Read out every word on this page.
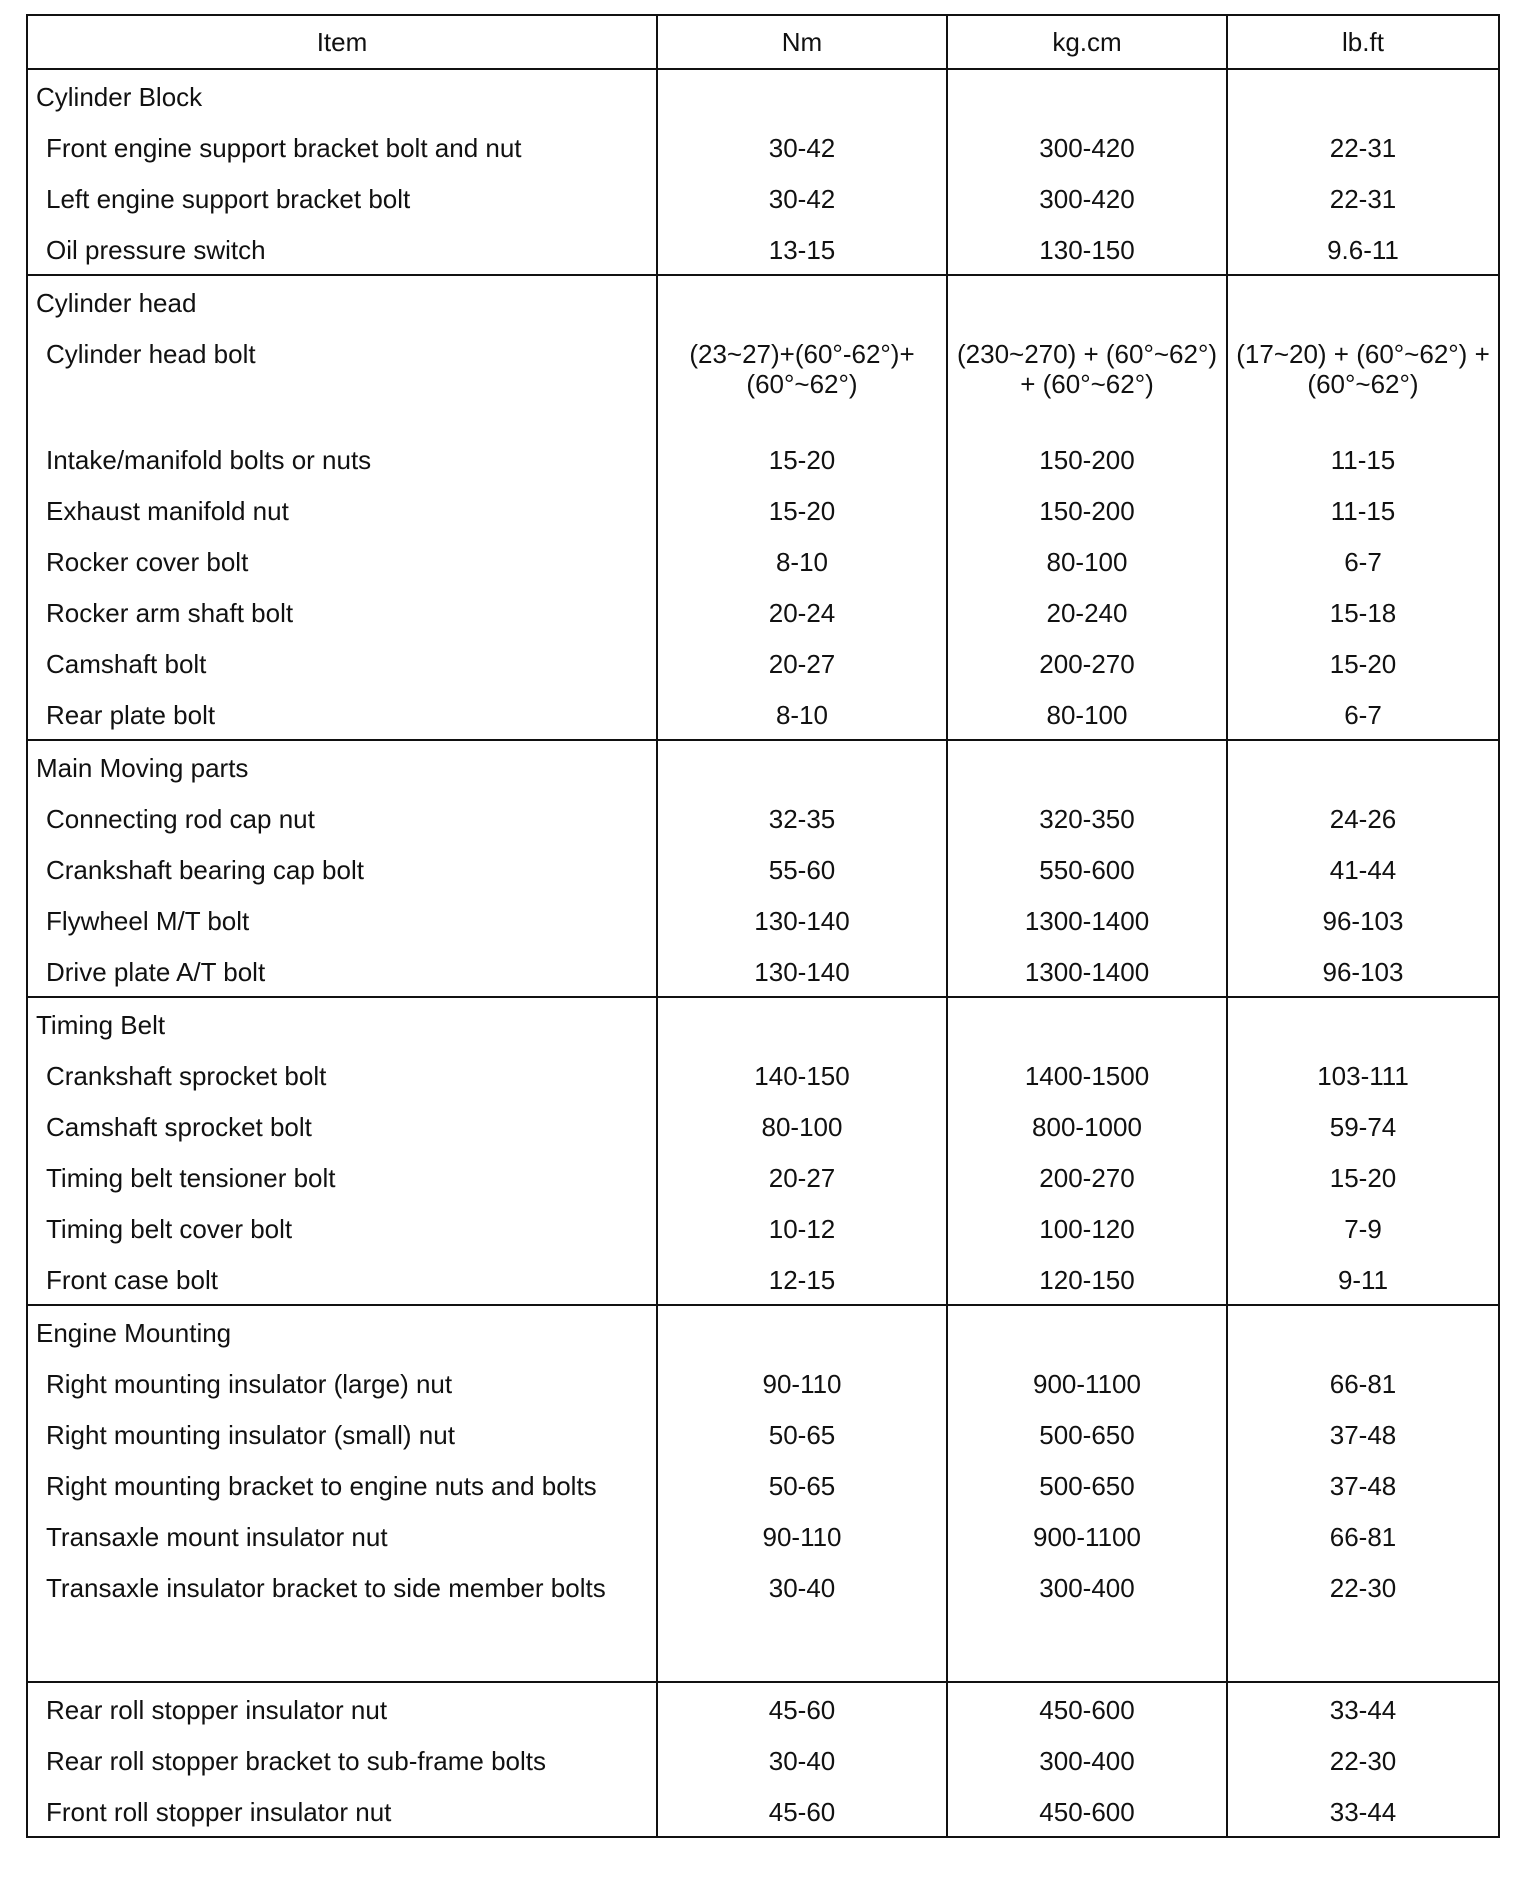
Item	Nm	kg.cm	lb.ft
Cylinder Block			
Front engine support bracket bolt and nut	30-42	300-420	22-31
Left engine support bracket bolt	30-42	300-420	22-31
Oil pressure switch	13-15	130-150	9.6-11
Cylinder head			
Cylinder head bolt	(23~27)+(60°-62°)+(60°~62°)	(230~270) + (60°~62°) + (60°~62°)	(17~20) + (60°~62°) + (60°~62°)
Intake/manifold bolts or nuts	15-20	150-200	11-15
Exhaust manifold nut	15-20	150-200	11-15
Rocker cover bolt	8-10	80-100	6-7
Rocker arm shaft bolt	20-24	20-240	15-18
Camshaft bolt	20-27	200-270	15-20
Rear plate bolt	8-10	80-100	6-7
Main Moving parts			
Connecting rod cap nut	32-35	320-350	24-26
Crankshaft bearing cap bolt	55-60	550-600	41-44
Flywheel M/T bolt	130-140	1300-1400	96-103
Drive plate A/T bolt	130-140	1300-1400	96-103
Timing Belt			
Crankshaft sprocket bolt	140-150	1400-1500	103-111
Camshaft sprocket bolt	80-100	800-1000	59-74
Timing belt tensioner bolt	20-27	200-270	15-20
Timing belt cover bolt	10-12	100-120	7-9
Front case bolt	12-15	120-150	9-11
Engine Mounting			
Right mounting insulator (large) nut	90-110	900-1100	66-81
Right mounting insulator (small) nut	50-65	500-650	37-48
Right mounting bracket to engine nuts and bolts	50-65	500-650	37-48
Transaxle mount insulator nut	90-110	900-1100	66-81
Transaxle insulator bracket to side member bolts	30-40	300-400	22-30
Rear roll stopper insulator nut	45-60	450-600	33-44
Rear roll stopper bracket to sub-frame bolts	30-40	300-400	22-30
Front roll stopper insulator nut	45-60	450-600	33-44
